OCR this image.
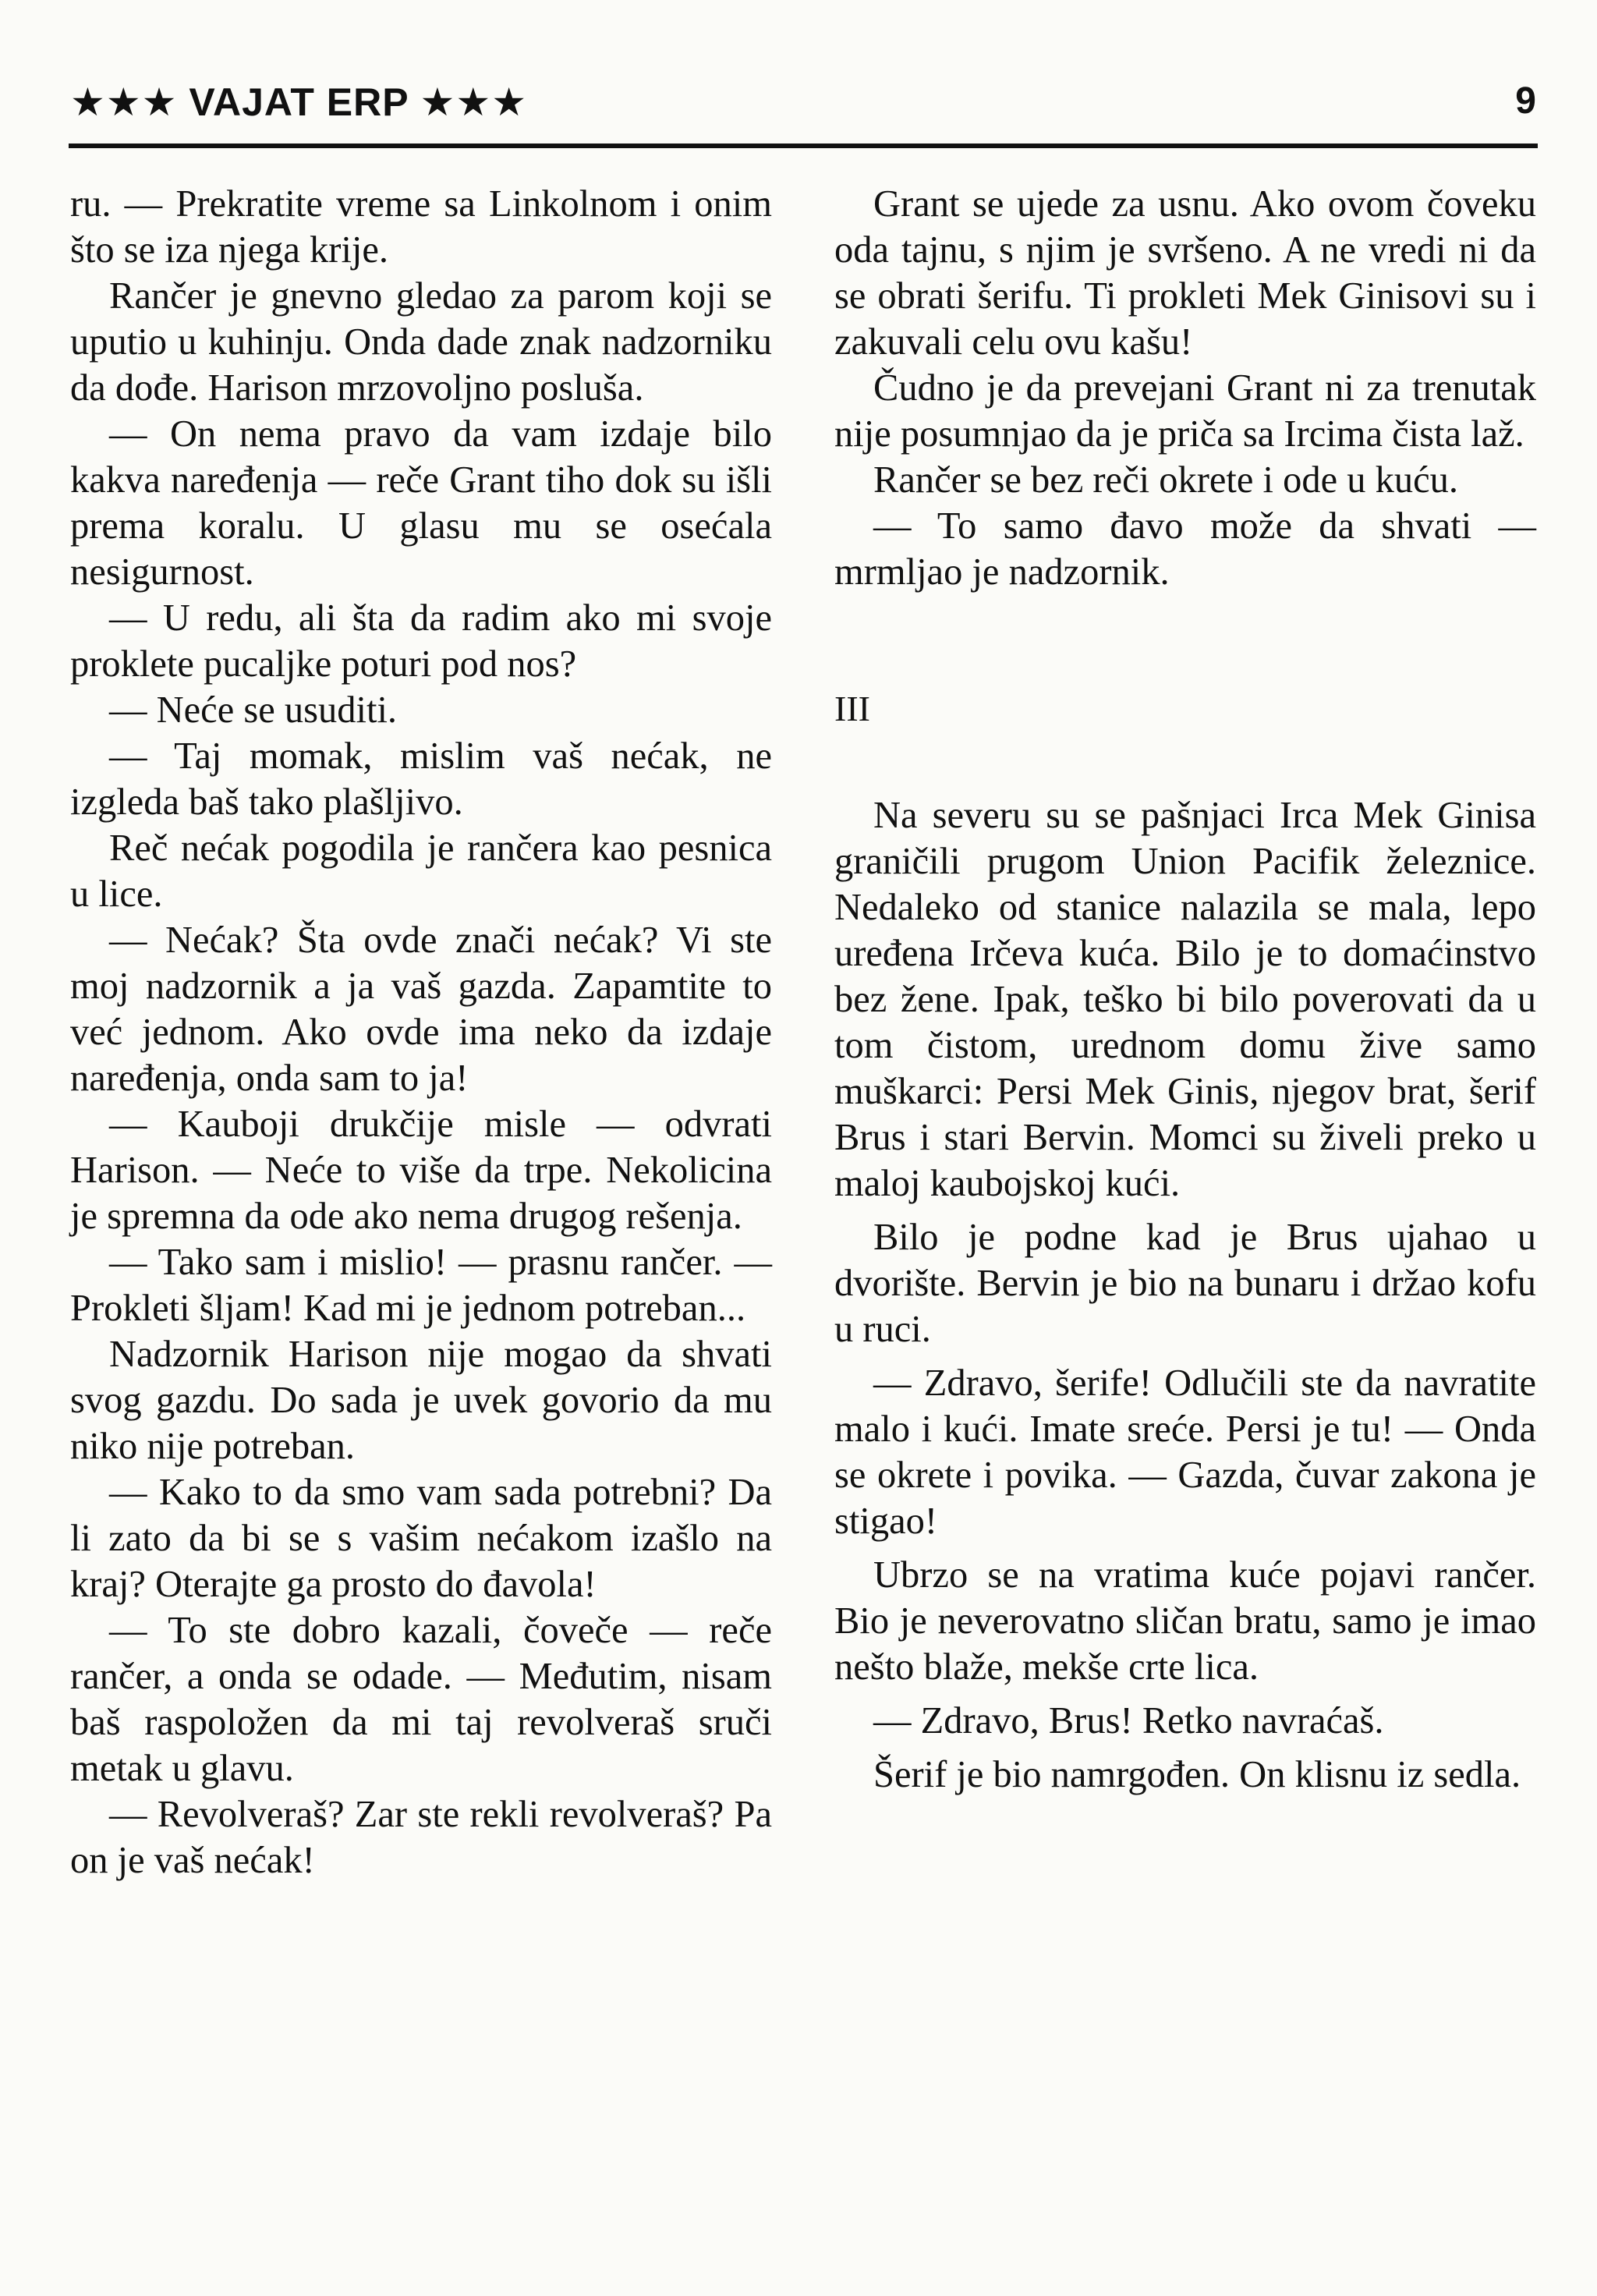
★★★ VAJAT ERP ★★★	9

ru. — Prekratite vreme sa Linkolnom i onim što se iza njega krije.

Rančer je gnevno gledao za parom koji se uputio u kuhinju. Onda dade znak nadzorniku da dođe. Harison mrzovoljno posluša.

— On nema pravo da vam izdaje bilo kakva naređenja — reče Grant tiho dok su išli prema koralu. U glasu mu se osećala nesigurnost.

— U redu, ali šta da radim ako mi svoje proklete pucaljke poturi pod nos?

— Neće se usuditi.

— Taj momak, mislim vaš nećak, ne izgleda baš tako plašljivo.

Reč nećak pogodila je rančera kao pesnica u lice.

— Nećak? Šta ovde znači nećak? Vi ste moj nadzornik a ja vaš gazda. Zapamtite to već jednom. Ako ovde ima neko da izdaje naređenja, onda sam to ja!

— Kauboji drukčije misle — odvrati Harison. — Neće to više da trpe. Nekolicina je spremna da ode ako nema drugog rešenja.

— Tako sam i mislio! — prasnu rančer. — Prokleti šljam! Kad mi je jednom potreban...

Nadzornik Harison nije mogao da shvati svog gazdu. Do sada je uvek govorio da mu niko nije potreban.

— Kako to da smo vam sada potrebni? Da li zato da bi se s vašim nećakom izašlo na kraj? Oterajte ga prosto do đavola!

— To ste dobro kazali, čoveče — reče rančer, a onda se odade. — Međutim, nisam baš raspoložen da mi taj revolveraš sruči metak u glavu.

— Revolveraš? Zar ste rekli revolveraš? Pa on je vaš nećak!

Grant se ujede za usnu. Ako ovom čoveku oda tajnu, s njim je svršeno. A ne vredi ni da se obrati šerifu. Ti prokleti Mek Ginisovi su i zakuvali celu ovu kašu!

Čudno je da prevejani Grant ni za trenutak nije posumnjao da je priča sa Ircima čista laž.

Rančer se bez reči okrete i ode u kuću.

— To samo đavo može da shvati — mrmljao je nadzornik.

III

Na severu su se pašnjaci Irca Mek Ginisa graničili prugom Union Pacifik železnice. Nedaleko od stanice nalazila se mala, lepo uređena Irčeva kuća. Bilo je to domaćinstvo bez žene. Ipak, teško bi bilo poverovati da u tom čistom, urednom domu žive samo muškarci: Persi Mek Ginis, njegov brat, šerif Brus i stari Bervin. Momci su živeli preko u maloj kaubojskoj kući.

Bilo je podne kad je Brus ujahao u dvorište. Bervin je bio na bunaru i držao kofu u ruci.

— Zdravo, šerife! Odlučili ste da navratite malo i kući. Imate sreće. Persi je tu! — Onda se okrete i povika. — Gazda, čuvar zakona je stigao!

Ubrzo se na vratima kuće pojavi rančer. Bio je neverovatno sličan bratu, samo je imao nešto blaže, mekše crte lica.

— Zdravo, Brus! Retko navraćaš.

Šerif je bio namrgođen. On klisnu iz sedla.
